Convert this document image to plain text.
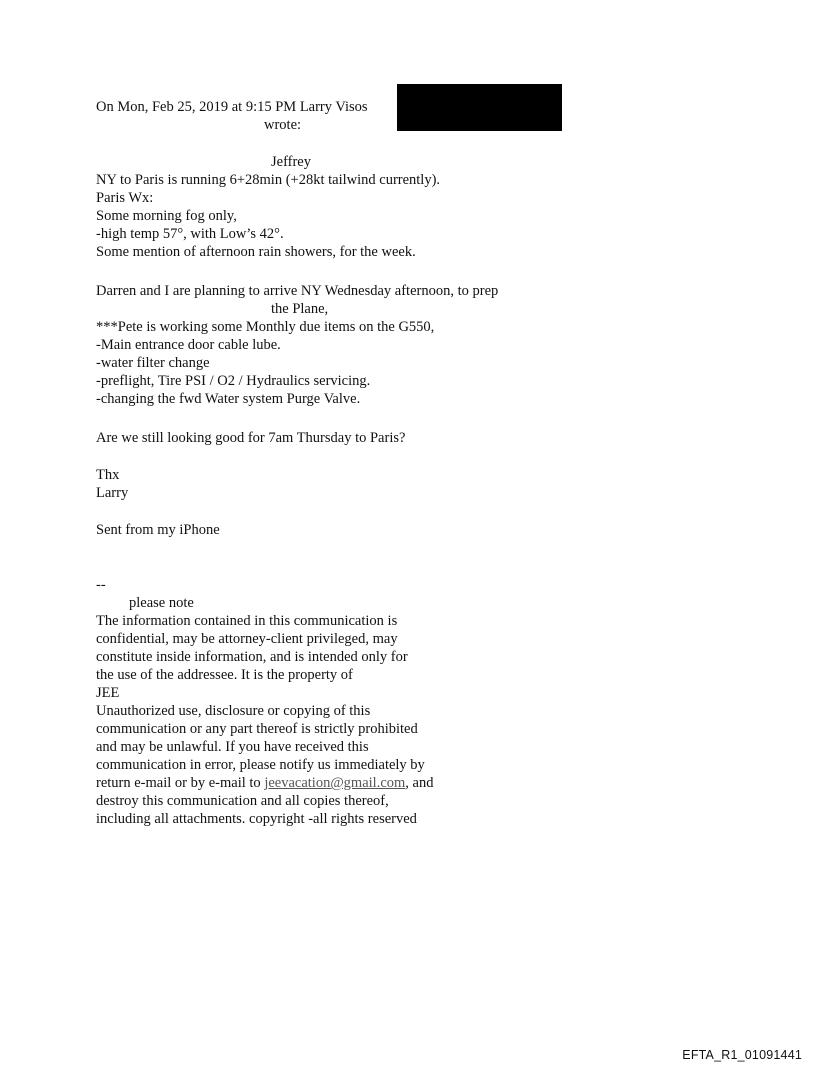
On Mon, Feb 25, 2019 at 9:15 PM Larry Visos
wrote:
Jeffrey
NY to Paris is running 6+28min (+28kt tailwind currently).
Paris Wx:
Some morning fog only,
-high temp 57°, with Low’s 42°.
Some mention of afternoon rain showers, for the week.
Darren and I are planning to arrive NY Wednesday afternoon, to prep
the Plane,
***Pete is working some Monthly due items on the G550,
-Main entrance door cable lube.
-water filter change
-preflight, Tire PSI / O2 / Hydraulics servicing.
-changing the fwd Water system Purge Valve.
Are we still looking good for 7am Thursday to Paris?
Thx
Larry
Sent from my iPhone
--
please note
The information contained in this communication is
confidential, may be attorney-client privileged, may
constitute inside information, and is intended only for
the use of the addressee. It is the property of
JEE
Unauthorized use, disclosure or copying of this
communication or any part thereof is strictly prohibited
and may be unlawful. If you have received this
communication in error, please notify us immediately by
return e-mail or by e-mail to jeevacation@gmail.com, and
destroy this communication and all copies thereof,
including all attachments. copyright -all rights reserved
EFTA_R1_01091441
